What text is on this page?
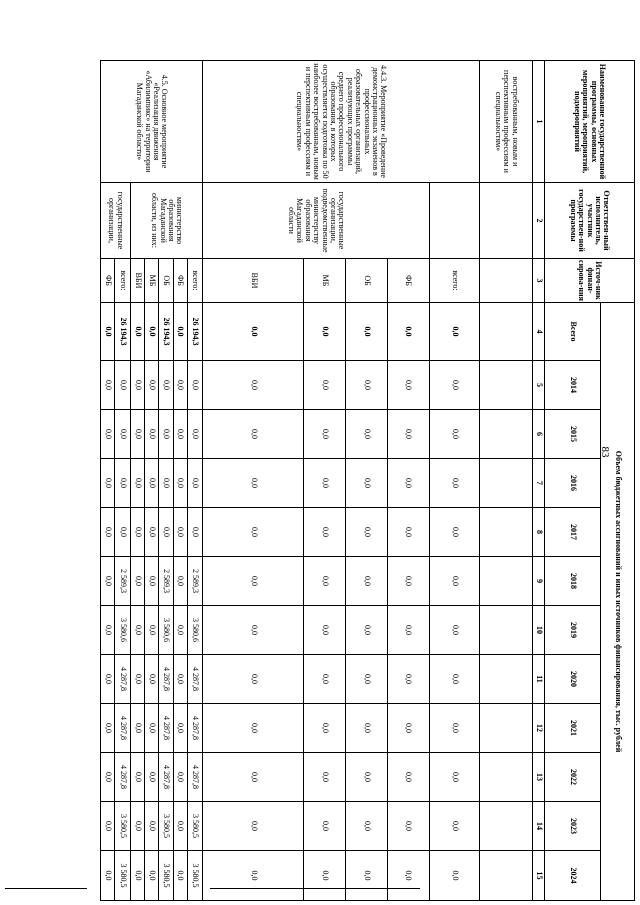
83
Наименование государственной программы, основных мероприятий, мероприятий, подмероприятий	Ответствен-ный исполнитель, участник государствен-ной программы	Источ-ник финан-сирова-ния	Объем бюджетных ассигнований и иных источников финансирования, тыс. рублей											
			Всего	2014	2015	2016	2017	2018	2019	2020	2021	2022	2023	2024
1	2	3	4	5	6	7	8	9	10	11	12	13	14	15
востребованным, новым и перспективным профессиям и специальностям»														
4.4.3. Мероприятие «Проведение демонстрационных экзаменов в профессиональных образовательных организаций, реализующих программы среднего профессионального образования, в которых осуществляется подготовка по 50 наиболее востребованным, новым и перспективным профессиям и специальностям»		всего:	0,0	0,0	0,0	0,0	0,0	0,0	0,0	0,0	0,0	0,0	0,0	0,0
	государственные организации, подведомственные министерству образования Магаданской области	ФБ	0,0	0,0	0,0	0,0	0,0	0,0	0,0	0,0	0,0	0,0	0,0	0,0
		ОБ	0,0	0,0	0,0	0,0	0,0	0,0	0,0	0,0	0,0	0,0	0,0	0,0
		МБ	0,0	0,0	0,0	0,0	0,0	0,0	0,0	0,0	0,0	0,0	0,0	0,0
		ВБИ	0,0	0,0	0,0	0,0	0,0	0,0	0,0	0,0	0,0	0,0	0,0	0,0
4.5. Основное мероприятие «Реализация движения «Абилимпикс» на территории Магаданской области»	министерство образования Магаданской области, из них:	всего:	26 194,3	0,0	0,0	0,0	0,0	2 589,3	3 580,6	4 287,8	4 287,8	4 287,8	3 580,5	3 580,5
		ФБ	0,0	0,0	0,0	0,0	0,0	0,0	0,0	0,0	0,0	0,0	0,0	0,0
		ОБ	26 194,3	0,0	0,0	0,0	0,0	2 589,3	3 580,6	4 287,8	4 287,8	4 287,8	3 580,5	3 580,5
		МБ	0,0	0,0	0,0	0,0	0,0	0,0	0,0	0,0	0,0	0,0	0,0	0,0
		ВБИ	0,0	0,0	0,0	0,0	0,0	0,0	0,0	0,0	0,0	0,0	0,0	0,0
	государственные организации,	всего:	26 194,3	0,0	0,0	0,0	0,0	2 589,3	3 580,6	4 287,8	4 287,8	4 287,8	3 580,5	3 580,5
		ФБ	0,0	0,0	0,0	0,0	0,0	0,0	0,0	0,0	0,0	0,0	0,0	0,0
